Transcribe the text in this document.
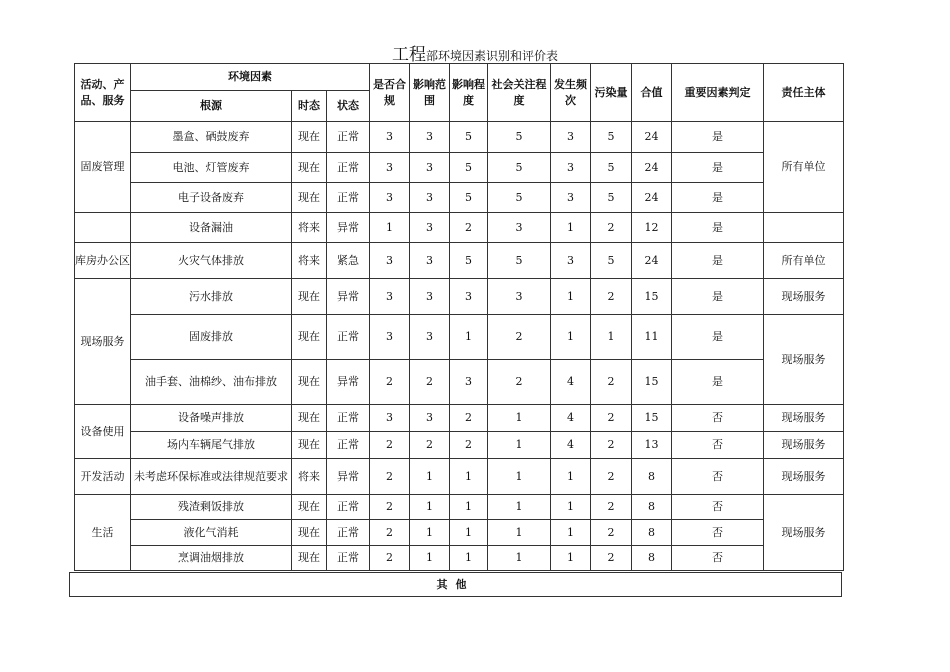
工程部环境因素识别和评价表
活动、产品、服务	环境因素			是否合规	影响范围	影响程度	社会关注程度	发生频次	污染量	合值	重要因素判定	责任主体
	根源	时态	状态									
固废管理	墨盒、硒鼓废弃	现在	正常	3	3	5	5	3	5	24	是	所有单位
	电池、灯管废弃	现在	正常	3	3	5	5	3	5	24	是	
	电子设备废弃	现在	正常	3	3	5	5	3	5	24	是	
	设备漏油	将来	异常	1	3	2	3	1	2	12	是	
库房办公区	火灾气体排放	将来	紧急	3	3	5	5	3	5	24	是	所有单位
现场服务	污水排放	现在	异常	3	3	3	3	1	2	15	是	现场服务
	固废排放	现在	正常	3	3	1	2	1	1	11	是	现场服务
	油手套、油棉纱、油布排放	现在	异常	2	2	3	2	4	2	15	是	
设备使用	设备噪声排放	现在	正常	3	3	2	1	4	2	15	否	现场服务
	场内车辆尾气排放	现在	正常	2	2	2	1	4	2	13	否	现场服务
开发活动	未考虑环保标准或法律规范要求	将来	异常	2	1	1	1	1	2	8	否	现场服务
生活	残渣剩饭排放	现在	正常	2	1	1	1	1	2	8	否	现场服务
	液化气消耗	现在	正常	2	1	1	1	1	2	8	否	
	烹调油烟排放	现在	正常	2	1	1	1	1	2	8	否	
其他
